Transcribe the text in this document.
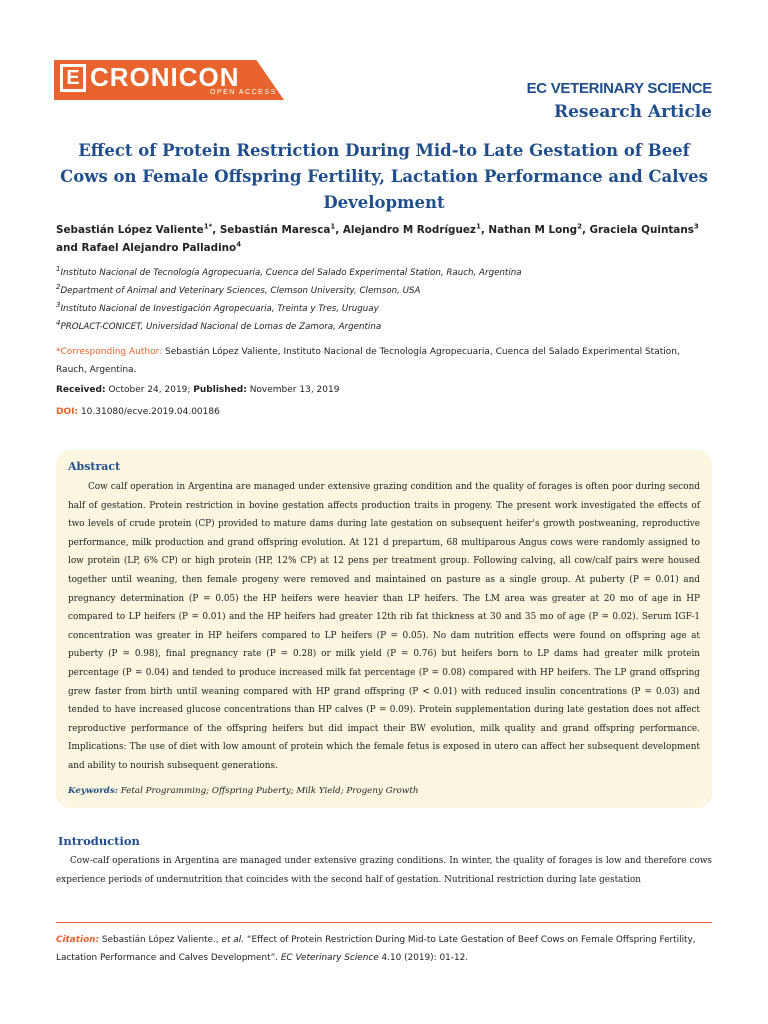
E CRONICON
OPEN ACCESS	EC VETERINARY SCIENCE
Research Article
Effect of Protein Restriction During Mid-to Late Gestation of Beef Cows on Female Offspring Fertility, Lactation Performance and Calves Development
Sebastián López Valiente$^{1*}$, Sebastián Maresca$^1$, Alejandro M Rodríguez$^1$, Nathan M Long$^2$, Graciela Quintans$^3$ and Rafael Alejandro Palladino$^4$
$^1$Instituto Nacional de Tecnología Agropecuaria, Cuenca del Salado Experimental Station, Rauch, Argentina
$^2$Department of Animal and Veterinary Sciences, Clemson University, Clemson, USA
$^3$Instituto Nacional de Investigación Agropecuaria, Treinta y Tres, Uruguay
$^4$PROLACT-CONICET, Universidad Nacional de Lomas de Zamora, Argentina
*Corresponding Author: Sebastián López Valiente, Instituto Nacional de Tecnología Agropecuaria, Cuenca del Salado Experimental Station, Rauch, Argentina.
Received: October 24, 2019; Published: November 13, 2019
DOI: 10.31080/ecve.2019.04.00186
Abstract

Cow calf operation in Argentina are managed under extensive grazing condition and the quality of forages is often poor during second half of gestation. Protein restriction in bovine gestation affects production traits in progeny. The present work investigated the effects of two levels of crude protein (CP) provided to mature dams during late gestation on subsequent heifer's growth postweaning, reproductive performance, milk production and grand offspring evolution. At 121 d prepartum, 68 multiparous Angus cows were randomly assigned to low protein (LP, 6% CP) or high protein (HP, 12% CP) at 12 pens per treatment group. Following calving, all cow/calf pairs were housed together until weaning, then female progeny were removed and maintained on pasture as a single group. At puberty (P = 0.01) and pregnancy determination (P = 0.05) the HP heifers were heavier than LP heifers. The LM area was greater at 20 mo of age in HP compared to LP heifers (P = 0.01) and the HP heifers had greater 12th rib fat thickness at 30 and 35 mo of age (P = 0.02). Serum IGF-1 concentration was greater in HP heifers compared to LP heifers (P = 0.05). No dam nutrition effects were found on offspring age at puberty (P = 0.98), final pregnancy rate (P = 0.28) or milk yield (P = 0.76) but heifers born to LP dams had greater milk protein percentage (P = 0.04) and tended to produce increased milk fat percentage (P = 0.08) compared with HP heifers. The LP grand offspring grew faster from birth until weaning compared with HP grand offspring (P < 0.01) with reduced insulin concentrations (P = 0.03) and tended to have increased glucose concentrations than HP calves (P = 0.09). Protein supplementation during late gestation does not affect reproductive performance of the offspring heifers but did impact their BW evolution, milk quality and grand offspring performance. Implications: The use of diet with low amount of protein which the female fetus is exposed in utero can affect her subsequent development and ability to nourish subsequent generations.

Keywords: Fetal Programming; Offspring Puberty; Milk Yield; Progeny Growth
Introduction

Cow-calf operations in Argentina are managed under extensive grazing conditions. In winter, the quality of forages is low and therefore cows experience periods of undernutrition that coincides with the second half of gestation. Nutritional restriction during late gestation

Citation: Sebastián López Valiente., et al. “Effect of Protein Restriction During Mid-to Late Gestation of Beef Cows on Female Offspring Fertility, Lactation Performance and Calves Development”. EC Veterinary Science 4.10 (2019): 01-12.
